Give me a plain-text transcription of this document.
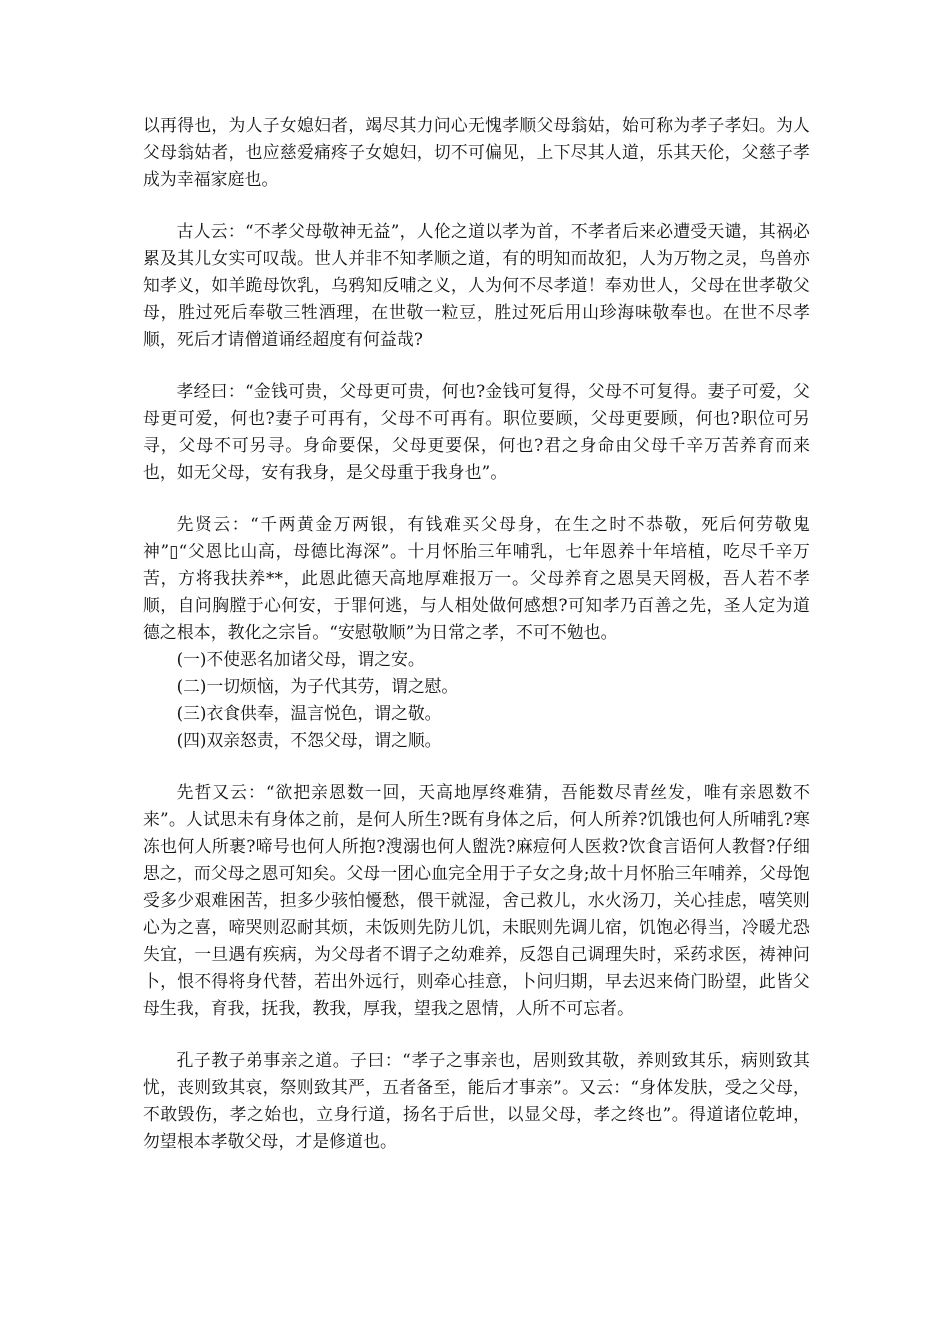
以再得也，为人子女媳妇者，竭尽其力问心无愧孝顺父母翁姑，始可称为孝子孝妇。为人父母翁姑者，也应慈爱痛疼子女媳妇，切不可偏见，上下尽其人道，乐其天伦，父慈子孝成为幸福家庭也。

古人云：“不孝父母敬神无益”，人伦之道以孝为首，不孝者后来必遭受天谴，其祸必累及其儿女实可叹哉。世人并非不知孝顺之道，有的明知而故犯，人为万物之灵，鸟兽亦知孝义，如羊跪母饮乳，乌鸦知反哺之义，人为何不尽孝道！奉劝世人，父母在世孝敬父母，胜过死后奉敬三牲酒理，在世敬一粒豆，胜过死后用山珍海味敬奉也。在世不尽孝顺，死后才请僧道诵经超度有何益哉?

孝经曰：“金钱可贵，父母更可贵，何也?金钱可复得，父母不可复得。妻子可爱，父母更可爱，何也?妻子可再有，父母不可再有。职位要顾，父母更要顾，何也?职位可另寻，父母不可另寻。身命要保，父母更要保，何也?君之身命由父母千辛万苦养育而来也，如无父母，安有我身，是父母重于我身也”。

先贤云：“千两黄金万两银，有钱难买父母身，在生之时不恭敬，死后何劳敬鬼神”▯“父恩比山高，母德比海深”。十月怀胎三年哺乳，七年恩养十年培植，吃尽千辛万苦，方将我扶养**，此恩此德天高地厚难报万一。父母养育之恩昊天罔极，吾人若不孝顺，自问胸膛于心何安，于罪何逃，与人相处做何感想?可知孝乃百善之先，圣人定为道德之根本，教化之宗旨。“安慰敬顺”为日常之孝，不可不勉也。

(一)不使恶名加诸父母，谓之安。

(二)一切烦恼，为子代其劳，谓之慰。

(三)衣食供奉，温言悦色，谓之敬。

(四)双亲怒责，不怨父母，谓之顺。

先哲又云：“欲把亲恩数一回，天高地厚终难猜，吾能数尽青丝发，唯有亲恩数不来”。人试思未有身体之前，是何人所生?既有身体之后，何人所养?饥饿也何人所哺乳?寒冻也何人所裹?啼号也何人所抱?溲溺也何人盥洗?麻痘何人医救?饮食言语何人教督?仔细思之，而父母之恩可知矣。父母一团心血完全用于子女之身;故十月怀胎三年哺养，父母饱受多少艰难困苦，担多少骇怕懮愁，偎干就湿，舍己救儿，水火汤刀，关心挂虑，嘻笑则心为之喜，啼哭则忍耐其烦，未饭则先防儿饥，未眠则先调儿宿，饥饱必得当，冷暖尤恐失宜，一旦遇有疾病，为父母者不谓子之幼难养，反怨自己调理失时，采药求医，祷神问卜，恨不得将身代替，若出外远行，则牵心挂意，卜问归期，早去迟来倚门盼望，此皆父母生我，育我，抚我，教我，厚我，望我之恩情，人所不可忘者。

孔子教子弟事亲之道。子曰：“孝子之事亲也，居则致其敬，养则致其乐，病则致其忧，丧则致其哀，祭则致其严，五者备至，能后才事亲”。又云：“身体发肤，受之父母，不敢毁伤，孝之始也，立身行道，扬名于后世，以显父母，孝之终也”。得道诸位乾坤，勿望根本孝敬父母，才是修道也。
